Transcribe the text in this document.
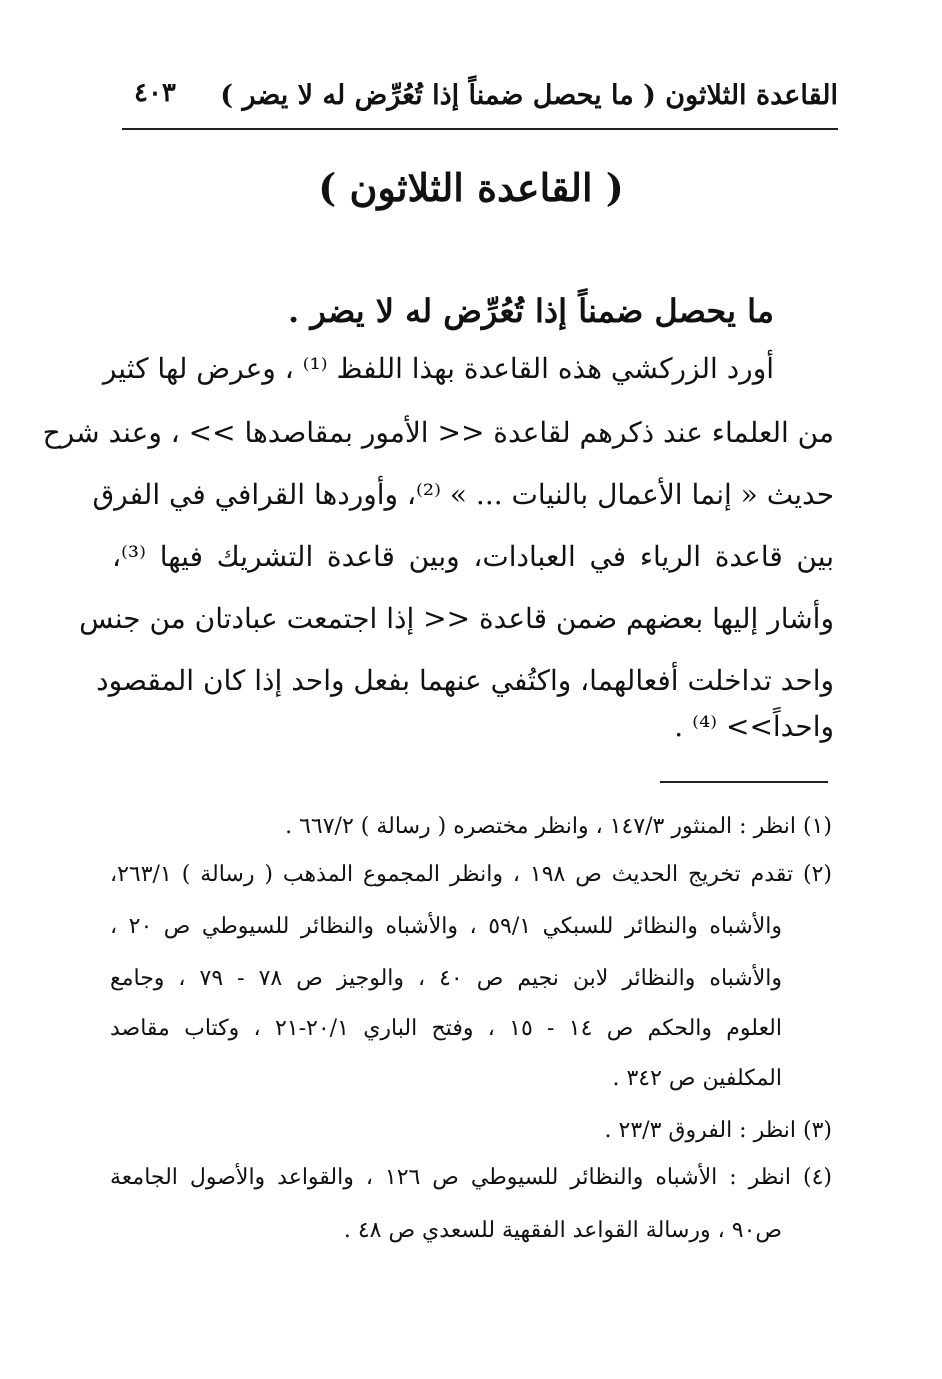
القاعدة الثلاثون ( ما يحصل ضمناً إذا تُعُرِّض له لا يضر )
٤٠٣
( القاعدة الثلاثون )
ما يحصل ضمناً إذا تُعُرِّض له لا يضر .
أورد الزركشي هذه القاعدة بهذا اللفظ ⁽¹⁾ ، وعرض لها كثير
من العلماء عند ذكرهم لقاعدة << الأمور بمقاصدها >> ، وعند شرح
حديث « إنما الأعمال بالنيات ... » ⁽²⁾، وأوردها القرافي في الفرق
بين قاعدة الرياء في العبادات، وبين قاعدة التشريك فيها ⁽³⁾،
وأشار إليها بعضهم ضمن قاعدة << إذا اجتمعت عبادتان من جنس
واحد تداخلت أفعالهما، واكتُفي عنهما بفعل واحد إذا كان المقصود
واحداً>> ⁽⁴⁾ .
(١) انظر : المنثور ١٤٧/٣ ، وانظر مختصره ( رسالة ) ٦٦٧/٢ .
(٢) تقدم تخريج الحديث ص ١٩٨ ، وانظر المجموع المذهب ( رسالة ) ٢٦٣/١،
والأشباه والنظائر للسبكي ٥٩/١ ، والأشباه والنظائر للسيوطي ص ٢٠ ،
والأشباه والنظائر لابن نجيم ص ٤٠ ، والوجيز ص ٧٨ - ٧٩ ، وجامع
العلوم والحكم ص ١٤ - ١٥ ، وفتح الباري ٢٠/١-٢١ ، وكتاب مقاصد
المكلفين ص ٣٤٢ .
(٣) انظر : الفروق ٢٣/٣ .
(٤) انظر : الأشباه والنظائر للسيوطي ص ١٢٦ ، والقواعد والأصول الجامعة
ص٩٠ ، ورسالة القواعد الفقهية للسعدي ص ٤٨ .
